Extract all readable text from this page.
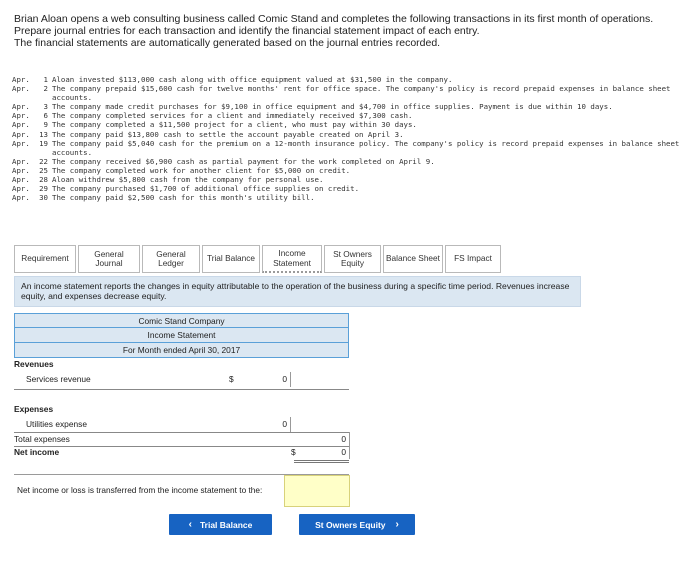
Brian Aloan opens a web consulting business called Comic Stand and completes the following transactions in its first month of operations.

Prepare journal entries for each transaction and identify the financial statement impact of each entry.

The financial statements are automatically generated based on the journal entries recorded.

Apr.	1 Aloan invested $113,000 cash along with office equipment valued at $31,500 in the company.
Apr.	2 The company prepaid $15,600 cash for twelve months' rent for office space. The company's policy is record prepaid expenses in balance sheet accounts.
Apr.	3 The company made credit purchases for $9,100 in office equipment and $4,700 in office supplies. Payment is due within 10 days.
Apr.	6 The company completed services for a client and immediately received $7,300 cash.
Apr.	9 The company completed a $11,500 project for a client, who must pay within 30 days.
Apr.	13 The company paid $13,800 cash to settle the account payable created on April 3.
Apr.	19 The company paid $5,040 cash for the premium on a 12-month insurance policy. The company's policy is record prepaid expenses in balance sheet accounts.
Apr.	22 The company received $6,900 cash as partial payment for the work completed on April 9.
Apr.	25 The company completed work for another client for $5,000 on credit.
Apr.	28 Aloan withdrew $5,800 cash from the company for personal use.
Apr.	29 The company purchased $1,700 of additional office supplies on credit.
Apr.	30 The company paid $2,500 cash for this month's utility bill.
Requirement	General Journal
General Ledger	Trial Balance
Income Statement
St Owners Equity	Balance Sheet	FS Impact
An income statement reports the changes in equity attributable to the operation of the business during a specific time period. Revenues increase equity, and expenses decrease equity.
Comic Stand Company
Income Statement
For Month ended April 30, 2017
Revenues
Services revenue	$	0
Expenses
Utilities expense	0
Total expenses	0
Net income	$	0
Net income or loss is transferred from the income statement to the:
‹ Trial Balance	St Owners Equity ›
